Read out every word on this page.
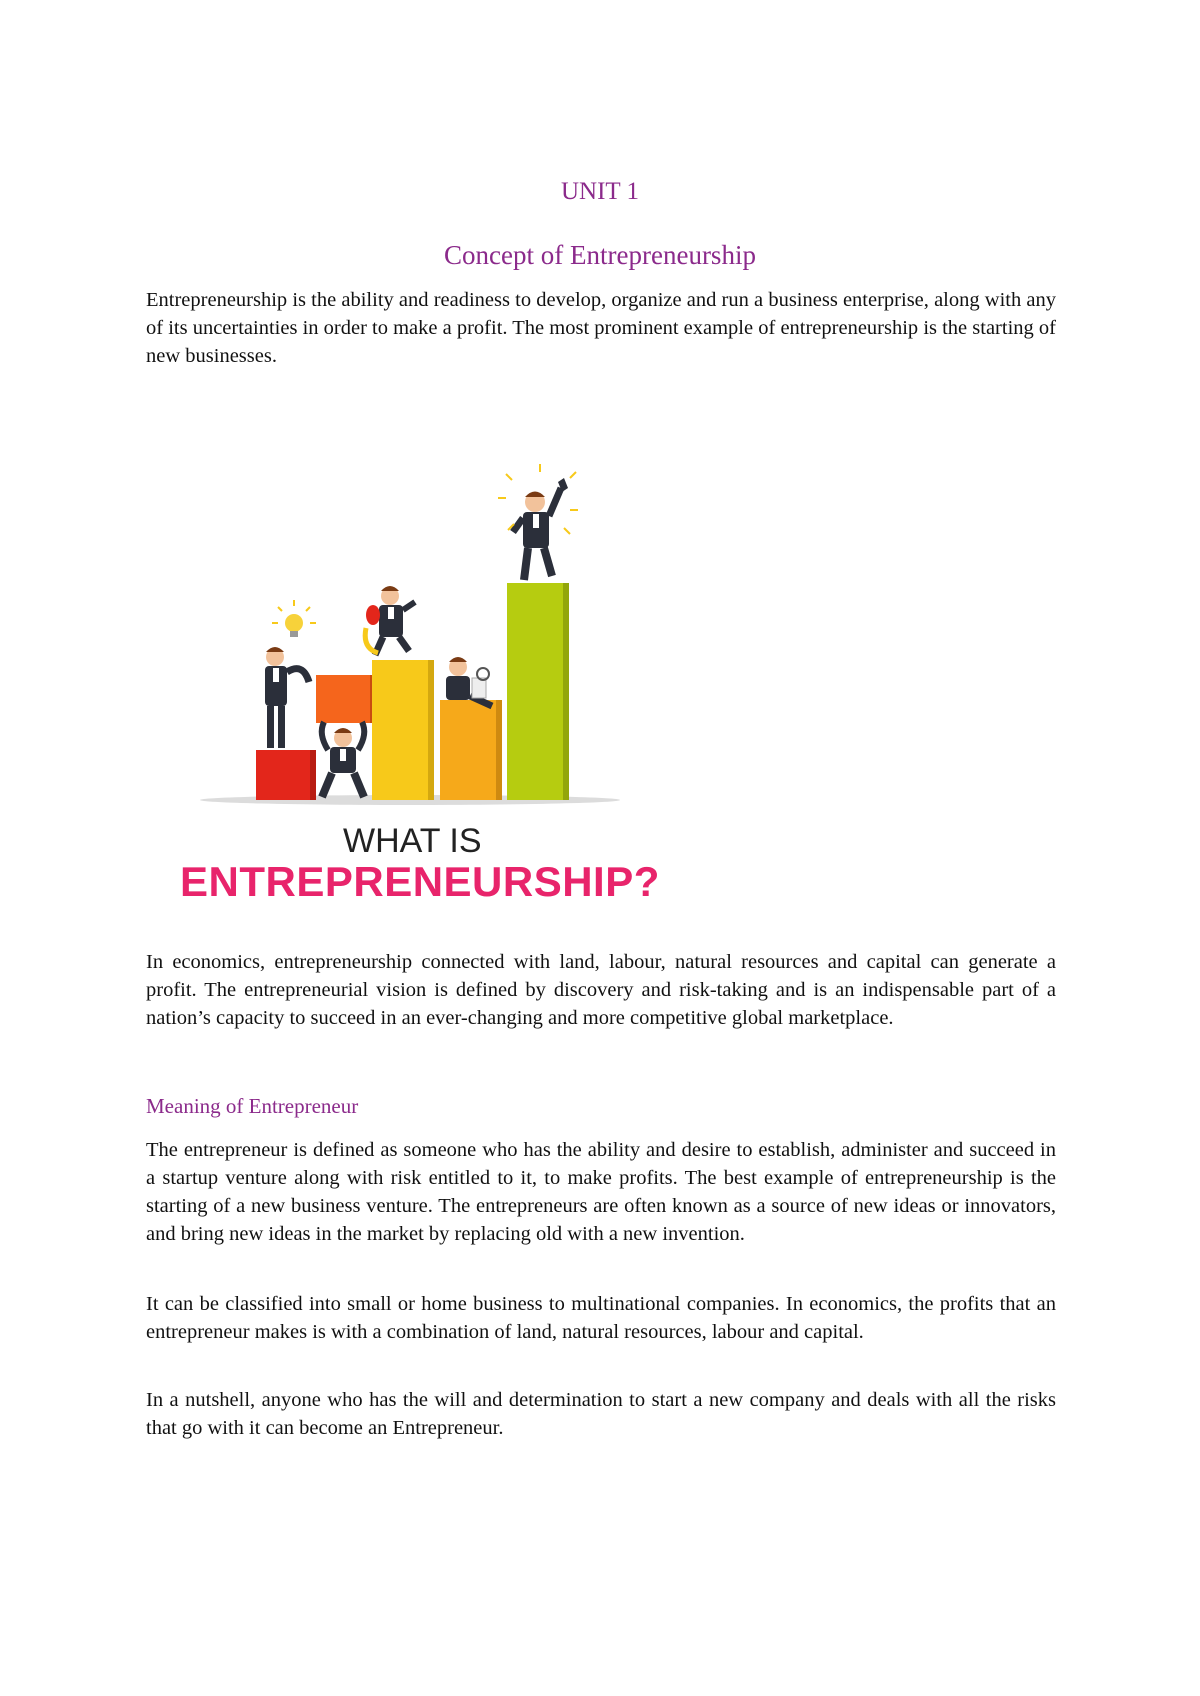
UNIT 1
Concept of Entrepreneurship

Entrepreneurship is the ability and readiness to develop, organize and run a business enterprise, along with any of its uncertainties in order to make a profit. The most prominent example of entrepreneurship is the starting of new businesses.

WHAT IS
ENTREPRENEURSHIP?

In economics, entrepreneurship connected with land, labour, natural resources and capital can generate a profit. The entrepreneurial vision is defined by discovery and risk-taking and is an indispensable part of a nation’s capacity to succeed in an ever-changing and more competitive global marketplace.

Meaning of Entrepreneur

The entrepreneur is defined as someone who has the ability and desire to establish, administer and succeed in a startup venture along with risk entitled to it, to make profits. The best example of entrepreneurship is the starting of a new business venture. The entrepreneurs are often known as a source of new ideas or innovators, and bring new ideas in the market by replacing old with a new invention.

It can be classified into small or home business to multinational companies. In economics, the profits that an entrepreneur makes is with a combination of land, natural resources, labour and capital.

In a nutshell, anyone who has the will and determination to start a new company and deals with all the risks that go with it can become an Entrepreneur.
